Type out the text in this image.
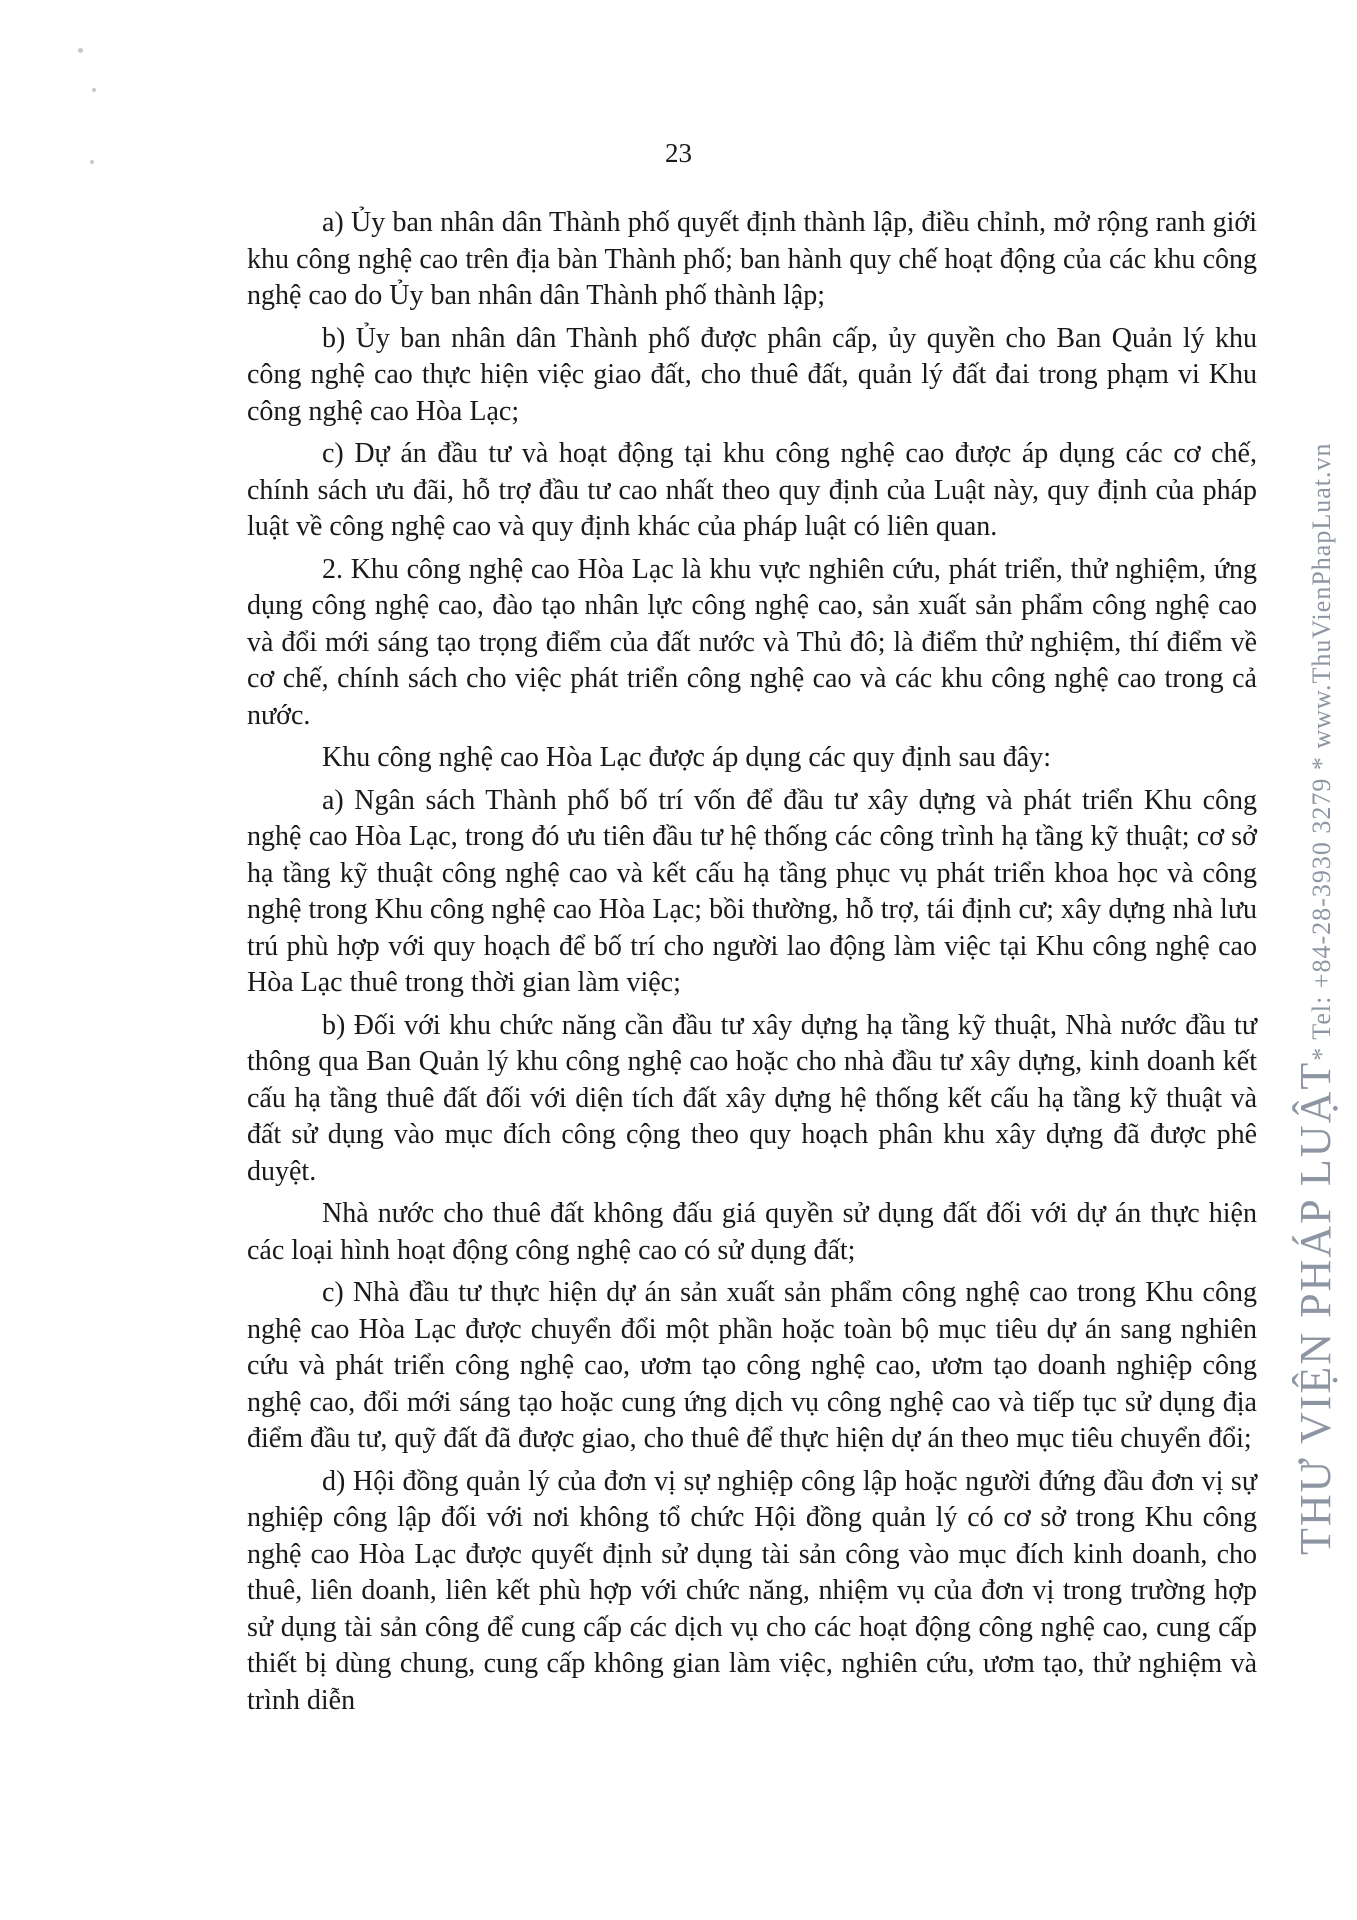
23

a) Ủy ban nhân dân Thành phố quyết định thành lập, điều chỉnh, mở rộng ranh giới khu công nghệ cao trên địa bàn Thành phố; ban hành quy chế hoạt động của các khu công nghệ cao do Ủy ban nhân dân Thành phố thành lập;

b) Ủy ban nhân dân Thành phố được phân cấp, ủy quyền cho Ban Quản lý khu công nghệ cao thực hiện việc giao đất, cho thuê đất, quản lý đất đai trong phạm vi Khu công nghệ cao Hòa Lạc;

c) Dự án đầu tư và hoạt động tại khu công nghệ cao được áp dụng các cơ chế, chính sách ưu đãi, hỗ trợ đầu tư cao nhất theo quy định của Luật này, quy định của pháp luật về công nghệ cao và quy định khác của pháp luật có liên quan.

2. Khu công nghệ cao Hòa Lạc là khu vực nghiên cứu, phát triển, thử nghiệm, ứng dụng công nghệ cao, đào tạo nhân lực công nghệ cao, sản xuất sản phẩm công nghệ cao và đổi mới sáng tạo trọng điểm của đất nước và Thủ đô; là điểm thử nghiệm, thí điểm về cơ chế, chính sách cho việc phát triển công nghệ cao và các khu công nghệ cao trong cả nước.

Khu công nghệ cao Hòa Lạc được áp dụng các quy định sau đây:

a) Ngân sách Thành phố bố trí vốn để đầu tư xây dựng và phát triển Khu công nghệ cao Hòa Lạc, trong đó ưu tiên đầu tư hệ thống các công trình hạ tầng kỹ thuật; cơ sở hạ tầng kỹ thuật công nghệ cao và kết cấu hạ tầng phục vụ phát triển khoa học và công nghệ trong Khu công nghệ cao Hòa Lạc; bồi thường, hỗ trợ, tái định cư; xây dựng nhà lưu trú phù hợp với quy hoạch để bố trí cho người lao động làm việc tại Khu công nghệ cao Hòa Lạc thuê trong thời gian làm việc;

b) Đối với khu chức năng cần đầu tư xây dựng hạ tầng kỹ thuật, Nhà nước đầu tư thông qua Ban Quản lý khu công nghệ cao hoặc cho nhà đầu tư xây dựng, kinh doanh kết cấu hạ tầng thuê đất đối với diện tích đất xây dựng hệ thống kết cấu hạ tầng kỹ thuật và đất sử dụng vào mục đích công cộng theo quy hoạch phân khu xây dựng đã được phê duyệt.

Nhà nước cho thuê đất không đấu giá quyền sử dụng đất đối với dự án thực hiện các loại hình hoạt động công nghệ cao có sử dụng đất;

c) Nhà đầu tư thực hiện dự án sản xuất sản phẩm công nghệ cao trong Khu công nghệ cao Hòa Lạc được chuyển đổi một phần hoặc toàn bộ mục tiêu dự án sang nghiên cứu và phát triển công nghệ cao, ươm tạo công nghệ cao, ươm tạo doanh nghiệp công nghệ cao, đổi mới sáng tạo hoặc cung ứng dịch vụ công nghệ cao và tiếp tục sử dụng địa điểm đầu tư, quỹ đất đã được giao, cho thuê để thực hiện dự án theo mục tiêu chuyển đổi;

d) Hội đồng quản lý của đơn vị sự nghiệp công lập hoặc người đứng đầu đơn vị sự nghiệp công lập đối với nơi không tổ chức Hội đồng quản lý có cơ sở trong Khu công nghệ cao Hòa Lạc được quyết định sử dụng tài sản công vào mục đích kinh doanh, cho thuê, liên doanh, liên kết phù hợp với chức năng, nhiệm vụ của đơn vị trong trường hợp sử dụng tài sản công để cung cấp các dịch vụ cho các hoạt động công nghệ cao, cung cấp thiết bị dùng chung, cung cấp không gian làm việc, nghiên cứu, ươm tạo, thử nghiệm và trình diễn

THƯ VIỆN PHÁP LUẬT* Tel: +84-28-3930 3279 * www.ThuVienPhapLuat.vn
